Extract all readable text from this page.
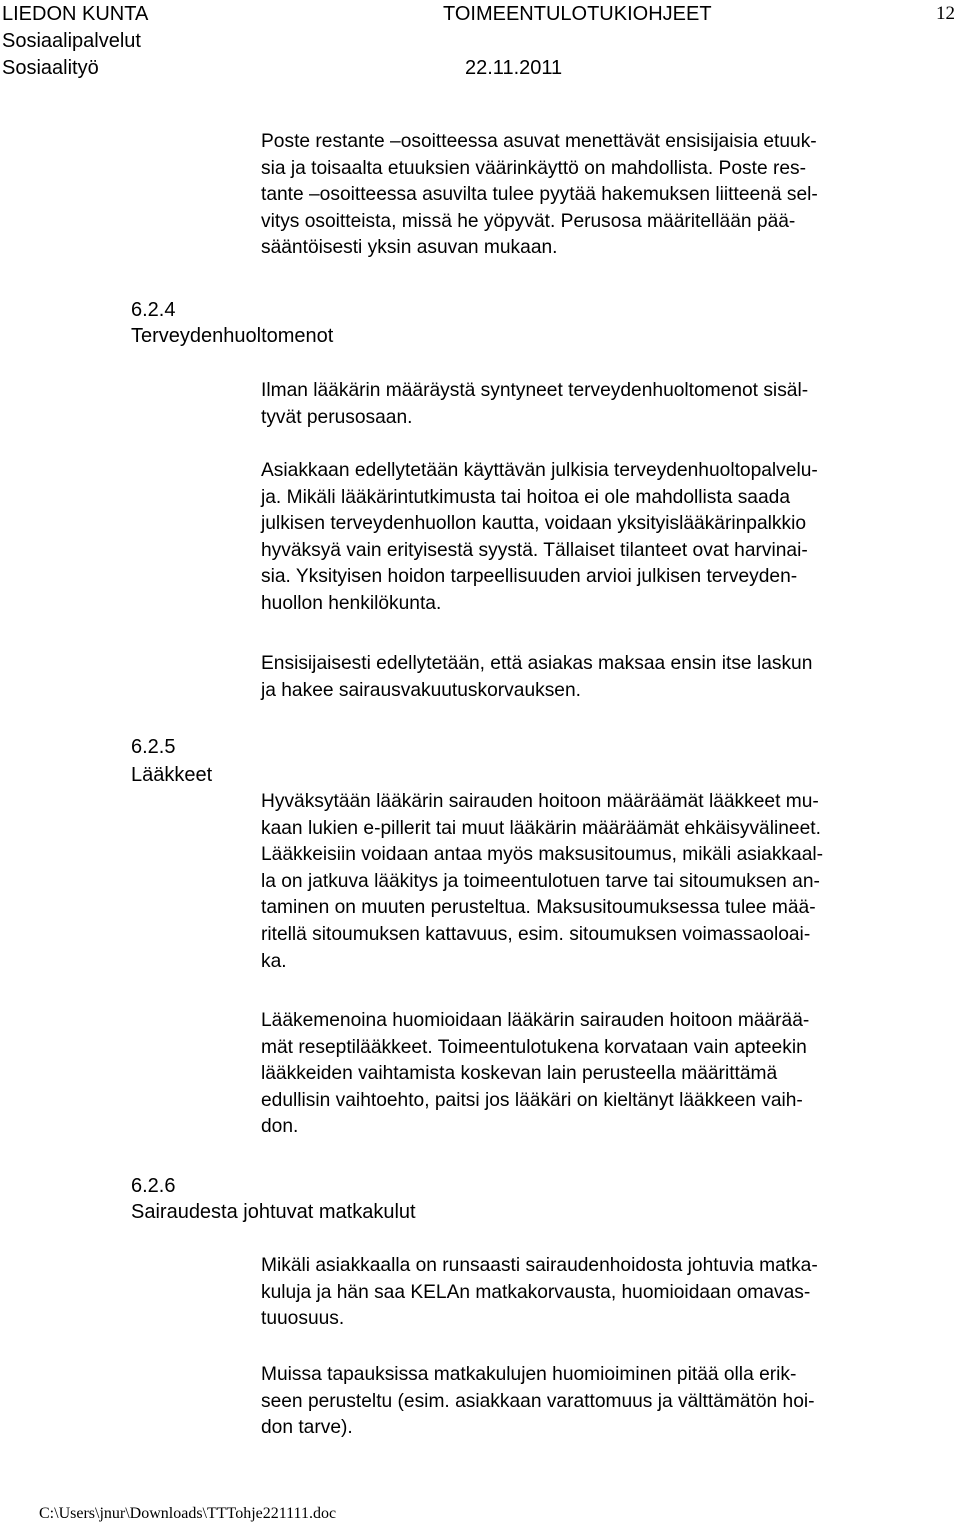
LIEDON KUNTA	TOIMEENTULOTUKIOHJEET	12
Sosiaalipalvelut
Sosiaalityö	22.11.2011

Poste restante –osoitteessa asuvat menettävät ensisijaisia etuuk-
sia ja toisaalta etuuksien väärinkäyttö on mahdollista. Poste res-
tante –osoitteessa asuvilta tulee pyytää hakemuksen liitteenä sel-
vitys osoitteista, missä he yöpyvät. Perusosa määritellään pää-
sääntöisesti yksin asuvan mukaan.

6.2.4
Terveydenhuoltomenot

Ilman lääkärin määräystä syntyneet terveydenhuoltomenot sisäl-
tyvät perusosaan.

Asiakkaan edellytetään käyttävän julkisia terveydenhuoltopalvelu-
ja. Mikäli lääkärintutkimusta tai hoitoa ei ole mahdollista saada
julkisen terveydenhuollon kautta, voidaan yksityislääkärinpalkkio
hyväksyä vain erityisestä syystä. Tällaiset tilanteet ovat harvinai-
sia. Yksityisen hoidon tarpeellisuuden arvioi julkisen terveyden-
huollon henkilökunta.

Ensisijaisesti edellytetään, että asiakas maksaa ensin itse laskun
ja hakee sairausvakuutuskorvauksen.

6.2.5
Lääkkeet

Hyväksytään lääkärin sairauden hoitoon määräämät lääkkeet mu-
kaan lukien e-pillerit tai muut lääkärin määräämät ehkäisyvälineet.
Lääkkeisiin voidaan antaa myös maksusitoumus, mikäli asiakkaal-
la on jatkuva lääkitys ja toimeentulotuen tarve tai sitoumuksen an-
taminen on muuten perusteltua. Maksusitoumuksessa tulee mää-
ritellä sitoumuksen kattavuus, esim. sitoumuksen voimassaoloai-
ka.

Lääkemenoina huomioidaan lääkärin sairauden hoitoon määrää-
mät reseptilääkkeet. Toimeentulotukena korvataan vain apteekin
lääkkeiden vaihtamista koskevan lain perusteella määrittämä
edullisin vaihtoehto, paitsi jos lääkäri on kieltänyt lääkkeen vaih-
don.

6.2.6
Sairaudesta johtuvat matkakulut

Mikäli asiakkaalla on runsaasti sairaudenhoidosta johtuvia matka-
kuluja ja hän saa KELAn matkakorvausta, huomioidaan omavas-
tuuosuus.

Muissa tapauksissa matkakulujen huomioiminen pitää olla erik-
seen perusteltu (esim. asiakkaan varattomuus ja välttämätön hoi-
don tarve).

C:\Users\jnur\Downloads\TTTohje221111.doc
